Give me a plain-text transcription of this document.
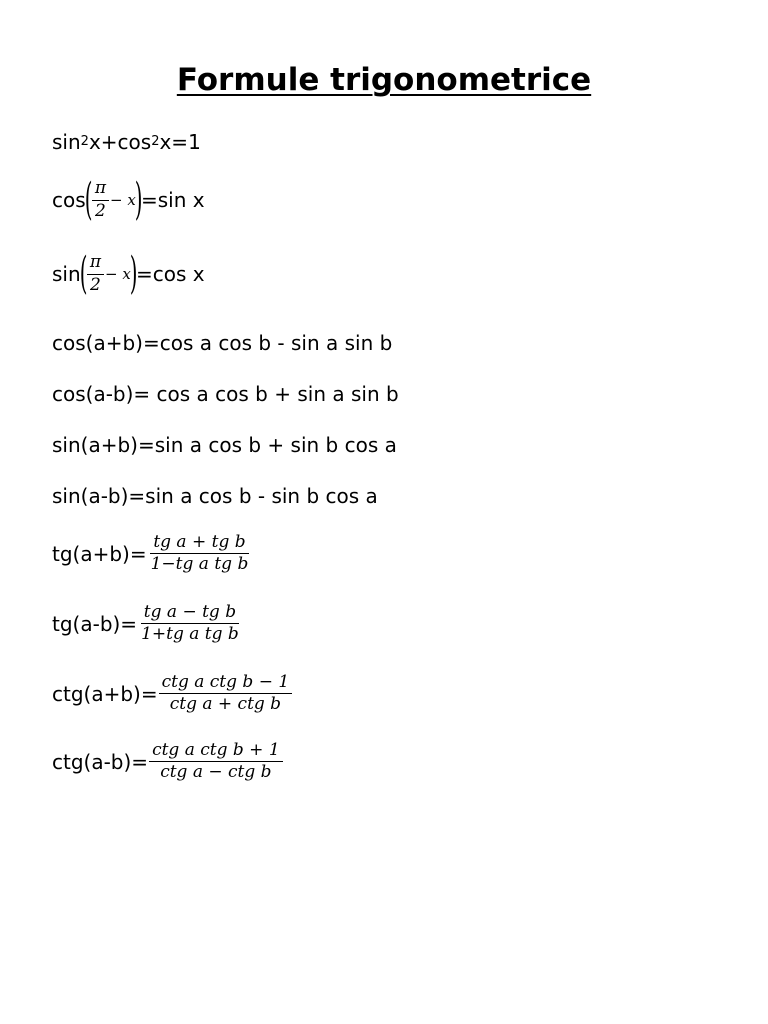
Formule trigonometrice
sin 2 x+cos 2 x=1
cos
( $\frac{\pi}{2} - x$
)
=sin x
sin
( $\frac{\pi}{2} - x$
)
=cos x
cos(a+b)=cos a cos b - sin a sin b
cos(a-b)= cos a cos b + sin a sin b
sin(a+b)=sin a cos b + sin b cos a
sin(a-b)=sin a cos b - sin b cos a
$tg(a+b)= \frac{\text{tg a + tg b}}{\text{1−tg a tg b}}$
$tg(a-b)= \frac{\text{tg a − tg b}}{\text{1+tg a tg b}}$
$ctg(a+b)= \frac{\text{ctg a ctg b − 1}}{\text{ctg a + ctg b}}$
$ctg(a-b)= \frac{\text{ctg a ctg b + 1}}{\text{ctg a − ctg b}}$
